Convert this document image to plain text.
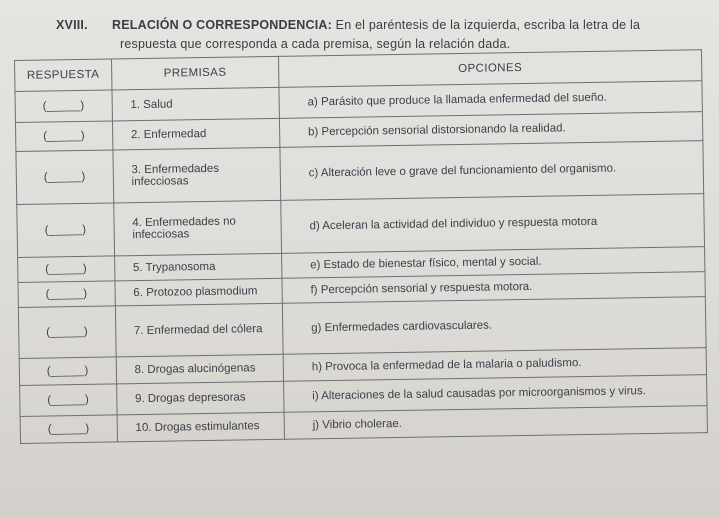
XVIII. RELACIÓN O CORRESPONDENCIA: En el paréntesis de la izquierda, escriba la letra de la
respuesta que corresponda a cada premisa, según la relación dada.
RESPUESTA	PREMISAS	OPCIONES
(_____)	1. Salud	a) Parásito que produce la llamada enfermedad del sueño.
(_____)	2. Enfermedad	b) Percepción sensorial distorsionando la realidad.
(_____)	3. Enfermedades infecciosas	c) Alteración leve o grave del funcionamiento del organismo.
(_____)	4. Enfermedades no infecciosas	d) Aceleran la actividad del individuo y respuesta motora
(_____)	5. Trypanosoma	e) Estado de bienestar físico, mental y social.
(_____)	6. Protozoo plasmodium	f) Percepción sensorial y respuesta motora.
(_____)	7. Enfermedad del cólera	g) Enfermedades cardiovasculares.
(_____)	8. Drogas alucinógenas	h) Provoca la enfermedad de la malaria o paludismo.
(_____)	9. Drogas depresoras	i) Alteraciones de la salud causadas por microorganismos y virus.
(_____)	10. Drogas estimulantes	j) Vibrio cholerae.
